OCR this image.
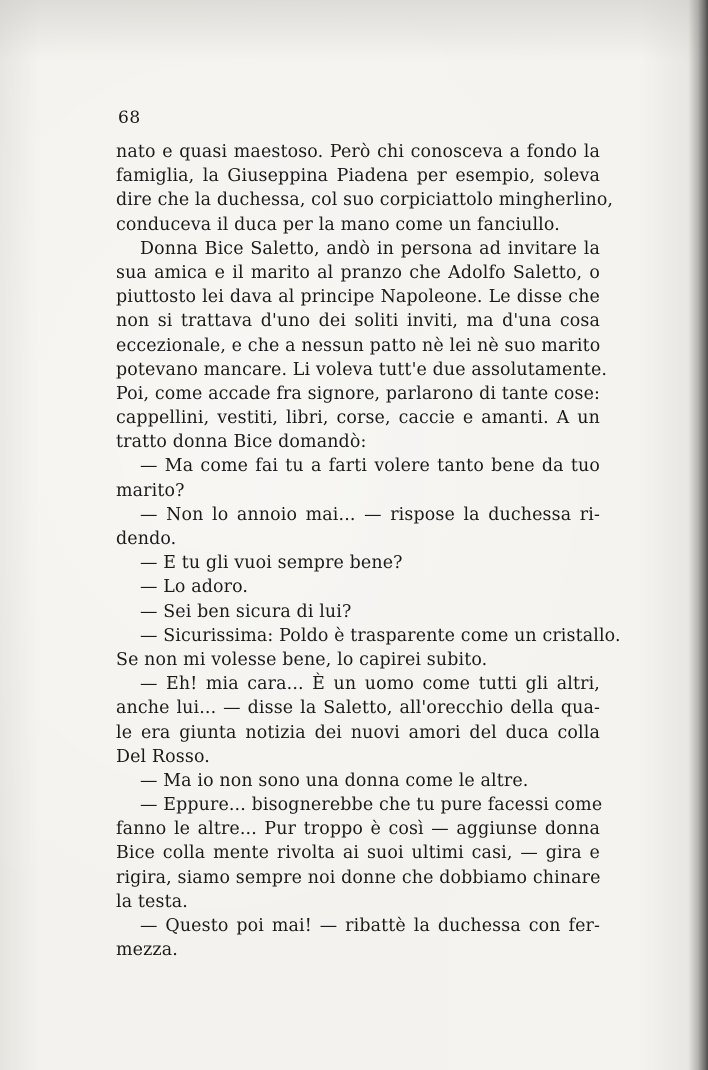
68
nato e quasi maestoso. Però chi conosceva a fondo la
famiglia, la Giuseppina Piadena per esempio, soleva
dire che la duchessa, col suo corpiciattolo mingherlino,
conduceva il duca per la mano come un fanciullo.
Donna Bice Saletto, andò in persona ad invitare la
sua amica e il marito al pranzo che Adolfo Saletto, o
piuttosto lei dava al principe Napoleone. Le disse che
non si trattava d'uno dei soliti inviti, ma d'una cosa
eccezionale, e che a nessun patto nè lei nè suo marito
potevano mancare. Li voleva tutt'e due assolutamente.
Poi, come accade fra signore, parlarono di tante cose:
cappellini, vestiti, libri, corse, caccie e amanti. A un
tratto donna Bice domandò:
— Ma come fai tu a farti volere tanto bene da tuo
marito?
— Non lo annoio mai... — rispose la duchessa ri-
dendo.
— E tu gli vuoi sempre bene?
— Lo adoro.
— Sei ben sicura di lui?
— Sicurissima: Poldo è trasparente come un cristallo.
Se non mi volesse bene, lo capirei subito.
— Eh! mia cara... È un uomo come tutti gli altri,
anche lui... — disse la Saletto, all'orecchio della qua-
le era giunta notizia dei nuovi amori del duca colla
Del Rosso.
— Ma io non sono una donna come le altre.
— Eppure... bisognerebbe che tu pure facessi come
fanno le altre... Pur troppo è così — aggiunse donna
Bice colla mente rivolta ai suoi ultimi casi, — gira e
rigira, siamo sempre noi donne che dobbiamo chinare
la testa.
— Questo poi mai! — ribattè la duchessa con fer-
mezza.
